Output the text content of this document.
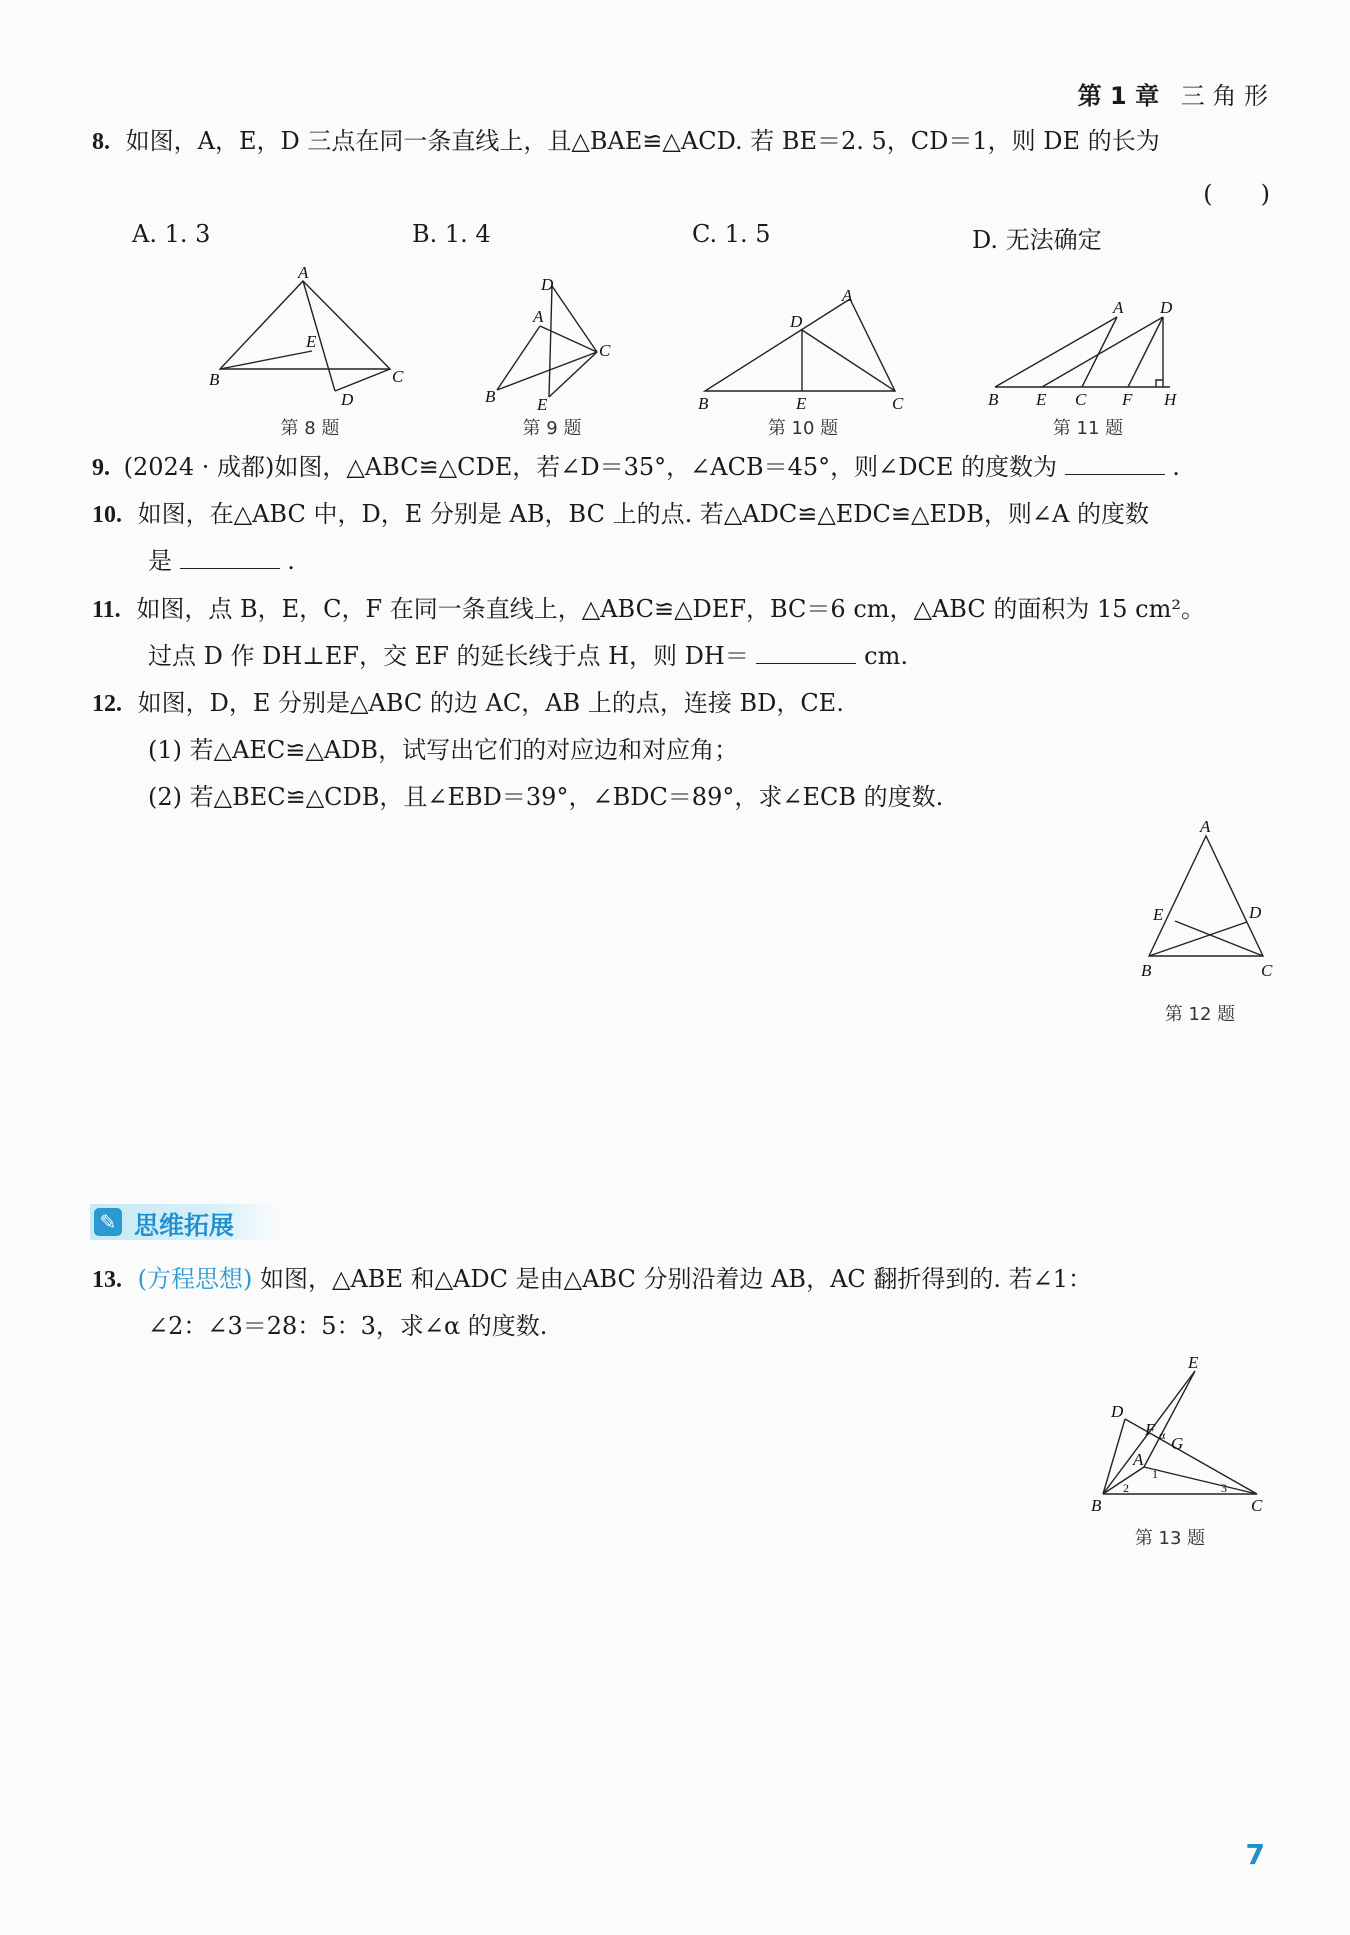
第 1 章 三 角 形
8. 如图，A，E，D 三点在同一条直线上，且△BAE≌△ACD. 若 BE＝2. 5，CD＝1，则 DE 的长为
(　　)
A. 1. 3	B. 1. 4	C. 1. 5	D. 无法确定
A
E
B	C
D
D
A
C
B E
A
D
B	E	C
A D
B E C F H
第 8 题	第 9 题	第 10 题	第 11 题
9. (2024 · 成都)如图，△ABC≌△CDE，若∠D＝35°，∠ACB＝45°，则∠DCE 的度数为	.
10. 如图，在△ABC 中，D，E 分别是 AB，BC 上的点. 若△ADC≌△EDC≌△EDB，则∠A 的度数
是	.
11. 如图，点 B，E，C，F 在同一条直线上，△ABC≌△DEF，BC＝6 cm，△ABC 的面积为 15 cm²。
过点 D 作 DH⊥EF，交 EF 的延长线于点 H，则 DH＝	cm.
12. 如图，D，E 分别是△ABC 的边 AC，AB 上的点，连接 BD，CE.
(1) 若△AEC≌△ADB，试写出它们的对应边和对应角；
(2) 若△BEC≌△CDB，且∠EBD＝39°，∠BDC＝89°，求∠ECB 的度数.
A
E	D
B	C
第 12 题
✎ 思维拓展
13. (方程思想) 如图，△ABE 和△ADC 是由△ABC 分别沿着边 AB，AC 翻折得到的. 若∠1：
∠2：∠3＝28：5：3，求∠α 的度数.
E
D
F
G
A
B	C
α
1
2	3
第 13 题
7
